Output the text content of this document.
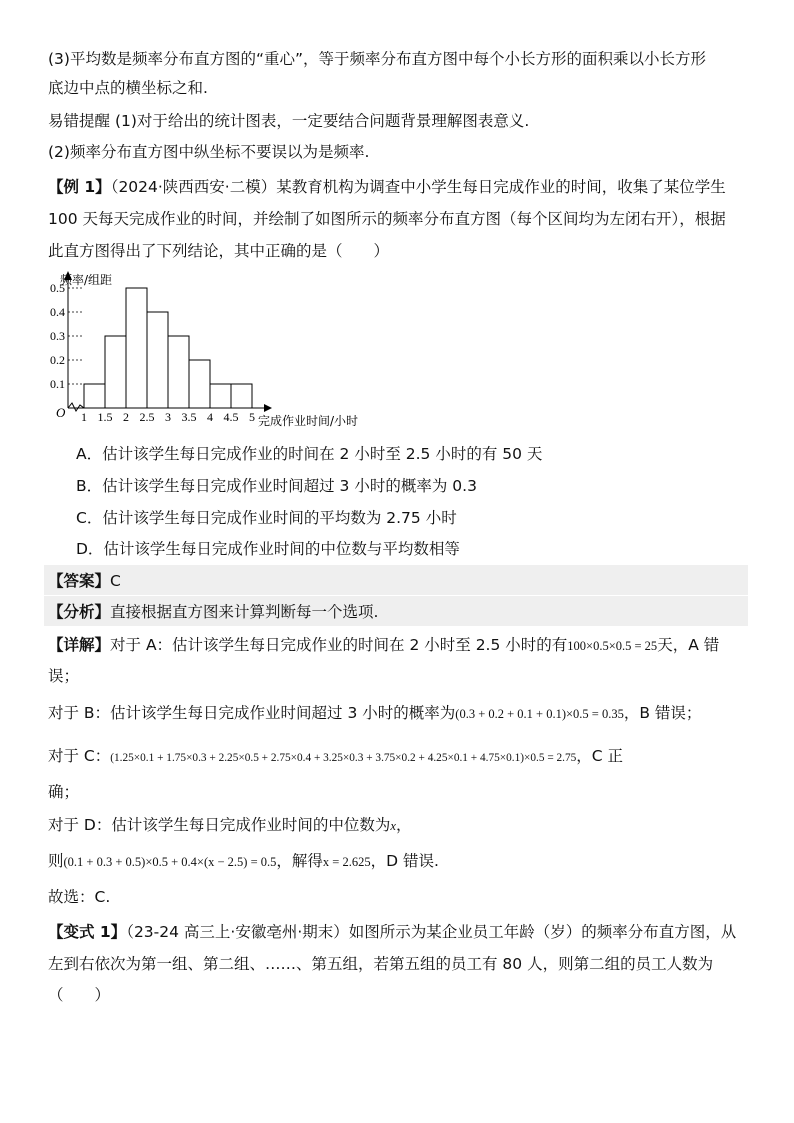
(3)平均数是频率分布直方图的“重心”，等于频率分布直方图中每个小长方形的面积乘以小长方形
底边中点的横坐标之和.
易错提醒 (1)对于给出的统计图表，一定要结合问题背景理解图表意义.
(2)频率分布直方图中纵坐标不要误以为是频率.
【例 1】（2024·陕西西安·二模）某教育机构为调查中小学生每日完成作业的时间，收集了某位学生
100 天每天完成作业的时间，并绘制了如图所示的频率分布直方图（每个区间均为左闭右开），根据
此直方图得出了下列结论，其中正确的是（　　）
0.1
0.2
0.3
0.4
0.5
1 1.5 2 2.5 3 3.5 4 4.5 5
频率/组距
完成作业时间/小时
O
A．估计该学生每日完成作业的时间在 2 小时至 2.5 小时的有 50 天
B．估计该学生每日完成作业时间超过 3 小时的概率为 0.3
C．估计该学生每日完成作业时间的平均数为 2.75 小时
D．估计该学生每日完成作业时间的中位数与平均数相等
【答案】C
【分析】直接根据直方图来计算判断每一个选项.
【详解】对于 A：估计该学生每日完成作业的时间在 2 小时至 2.5 小时的有100×0.5×0.5 = 25天，A 错
误；
对于 B：估计该学生每日完成作业时间超过 3 小时的概率为(0.3 + 0.2 + 0.1 + 0.1)×0.5 = 0.35，B 错误；
对于 C：(1.25×0.1 + 1.75×0.3 + 2.25×0.5 + 2.75×0.4 + 3.25×0.3 + 3.75×0.2 + 4.25×0.1 + 4.75×0.1)×0.5 = 2.75，C 正
确；
对于 D：估计该学生每日完成作业时间的中位数为x，
则(0.1 + 0.3 + 0.5)×0.5 + 0.4×(x − 2.5) = 0.5，解得x = 2.625，D 错误.
故选：C.
【变式 1】（23-24 高三上·安徽亳州·期末）如图所示为某企业员工年龄（岁）的频率分布直方图，从
左到右依次为第一组、第二组、……、第五组，若第五组的员工有 80 人，则第二组的员工人数为
（　　）
